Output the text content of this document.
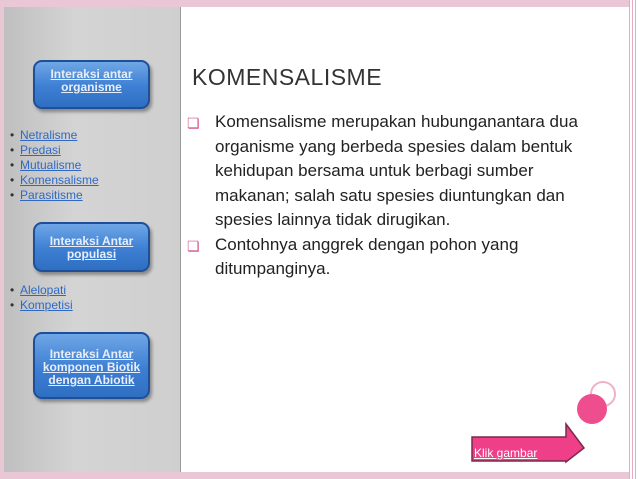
Interaksi antar organisme
• Netralisme
• Predasi
• Mutualisme
• Komensalisme
• Parasitisme
Interaksi Antar populasi
• Alelopati
• Kompetisi
Interaksi Antar komponen Biotik dengan Abiotik
KOMENSALISME
❏ Komensalisme merupakan hubunganantara dua organisme yang berbeda spesies dalam bentuk kehidupan bersama untuk berbagi sumber makanan; salah satu spesies diuntungkan dan spesies lainnya tidak dirugikan.
❏ Contohnya anggrek dengan pohon yang ditumpanginya.
Klik gambar
